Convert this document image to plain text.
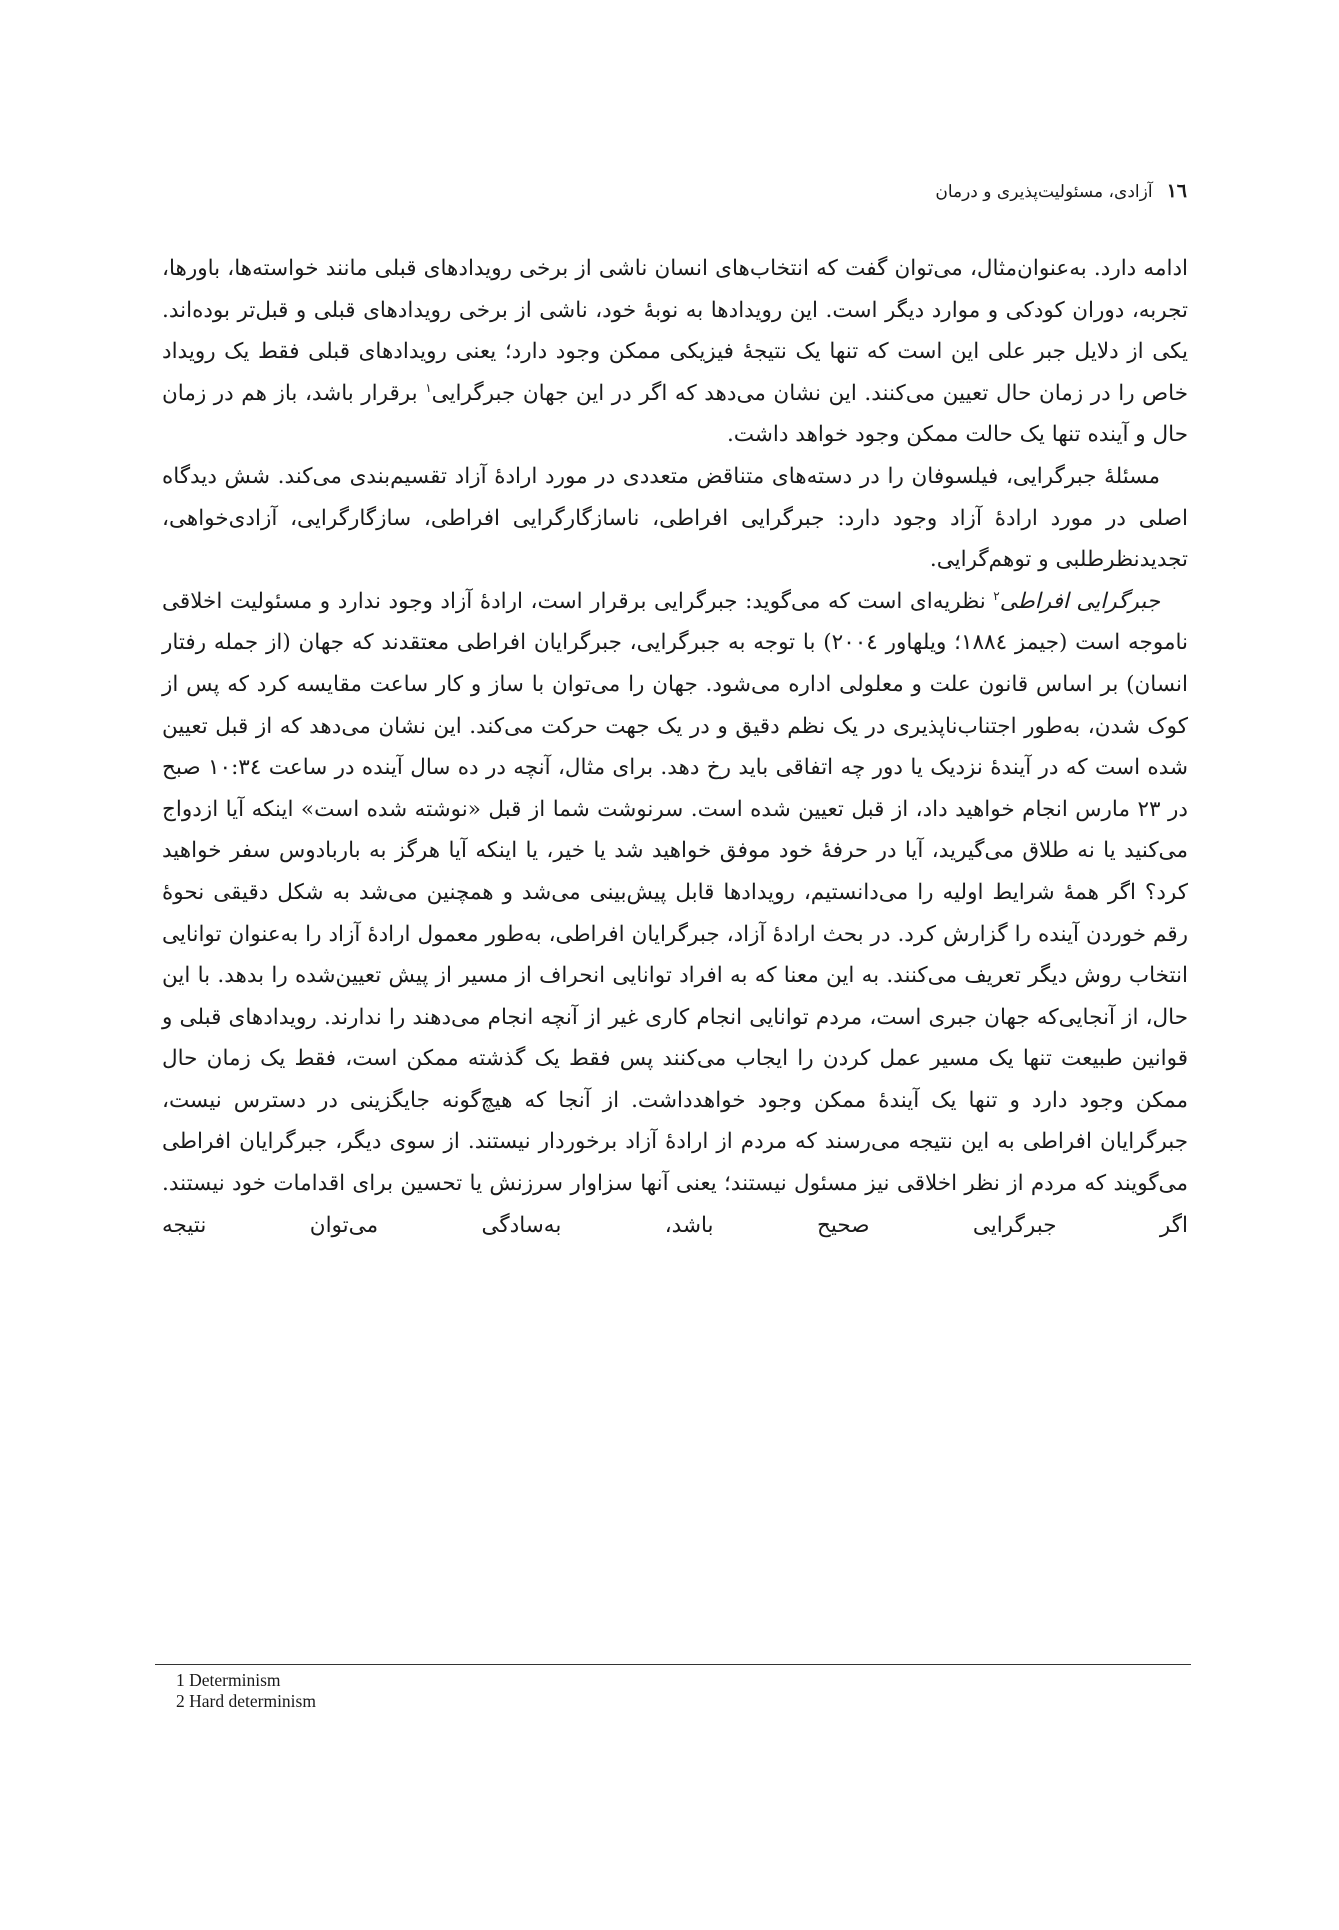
١٦
آزادی، مسئولیت‌پذیری و درمان

ادامه دارد. به‌عنوان‌مثال، می‌توان گفت که انتخاب‌های انسان ناشی از برخی رویدادهای قبلی مانند خواسته‌ها، باورها، تجربه، دوران کودکی و موارد دیگر است. این رویدادها به نوبهٔ خود، ناشی از برخی رویدادهای قبلی و قبل‌تر بوده‌اند. یکی از دلایل جبر علی این است که تنها یک نتیجهٔ فیزیکی ممکن وجود دارد؛ یعنی رویدادهای قبلی فقط یک رویداد خاص را در زمان حال تعیین می‌کنند. این نشان می‌دهد که اگر در این جهان جبرگرایی$^١$ برقرار باشد، باز هم در زمان حال و آینده تنها یک حالت ممکن وجود خواهد داشت.

مسئلهٔ جبرگرایی، فیلسوفان را در دسته‌های متناقض متعددی در مورد ارادهٔ آزاد تقسیم‌بندی می‌کند. شش دیدگاه اصلی در مورد ارادهٔ آزاد وجود دارد: جبرگرایی افراطی، ناسازگارگرایی افراطی، سازگارگرایی، آزادی‌خواهی، تجدیدنظرطلبی و توهم‌گرایی.

جبرگرایی افراطی$^٢$ نظریه‌ای است که می‌گوید: جبرگرایی برقرار است، ارادهٔ آزاد وجود ندارد و مسئولیت اخلاقی ناموجه است (جیمز ١٨٨٤؛ ویلهاور ٢٠٠٤) با توجه به جبرگرایی، جبرگرایان افراطی معتقدند که جهان (از جمله رفتار انسان) بر اساس قانون علت و معلولی اداره می‌شود. جهان را می‌توان با ساز و کار ساعت مقایسه کرد که پس از کوک شدن، به‌طور اجتناب‌ناپذیری در یک نظم دقیق و در یک جهت حرکت می‌کند. این نشان می‌دهد که از قبل تعیین شده است که در آیندهٔ نزدیک یا دور چه اتفاقی باید رخ دهد. برای مثال، آنچه در ده سال آینده در ساعت ١٠:٣٤ صبح در ٢٣ مارس انجام خواهید داد، از قبل تعیین شده است. سرنوشت شما از قبل «نوشته شده است» اینکه آیا ازدواج می‌کنید یا نه طلاق می‌گیرید، آیا در حرفهٔ خود موفق خواهید شد یا خیر، یا اینکه آیا هرگز به باربادوس سفر خواهید کرد؟ اگر همهٔ شرایط اولیه را می‌دانستیم، رویدادها قابل پیش‌بینی می‌شد و همچنین می‌شد به شکل دقیقی نحوهٔ رقم خوردن آینده را گزارش کرد. در بحث ارادهٔ آزاد، جبرگرایان افراطی، به‌طور معمول ارادهٔ آزاد را به‌عنوان توانایی انتخاب روش دیگر تعریف می‌کنند. به این معنا که به افراد توانایی انحراف از مسیر از پیش تعیین‌شده را بدهد. با این حال، از آنجایی‌که جهان جبری است، مردم توانایی انجام کاری غیر از آنچه انجام می‌دهند را ندارند. رویدادهای قبلی و قوانین طبیعت تنها یک مسیر عمل کردن را ایجاب می‌کنند پس فقط یک گذشته ممکن است، فقط یک زمان حال ممکن وجود دارد و تنها یک آیندهٔ ممکن وجود خواهدداشت. از آنجا که هیچ‌گونه جایگزینی در دسترس نیست، جبرگرایان افراطی به این نتیجه می‌رسند که مردم از ارادهٔ آزاد برخوردار نیستند. از سوی دیگر، جبرگرایان افراطی می‌گویند که مردم از نظر اخلاقی نیز مسئول نیستند؛ یعنی آنها سزاوار سرزنش یا تحسین برای اقدامات خود نیستند. اگر جبرگرایی صحیح باشد، به‌سادگی می‌توان نتیجه

1 Determinism
2 Hard determinism
